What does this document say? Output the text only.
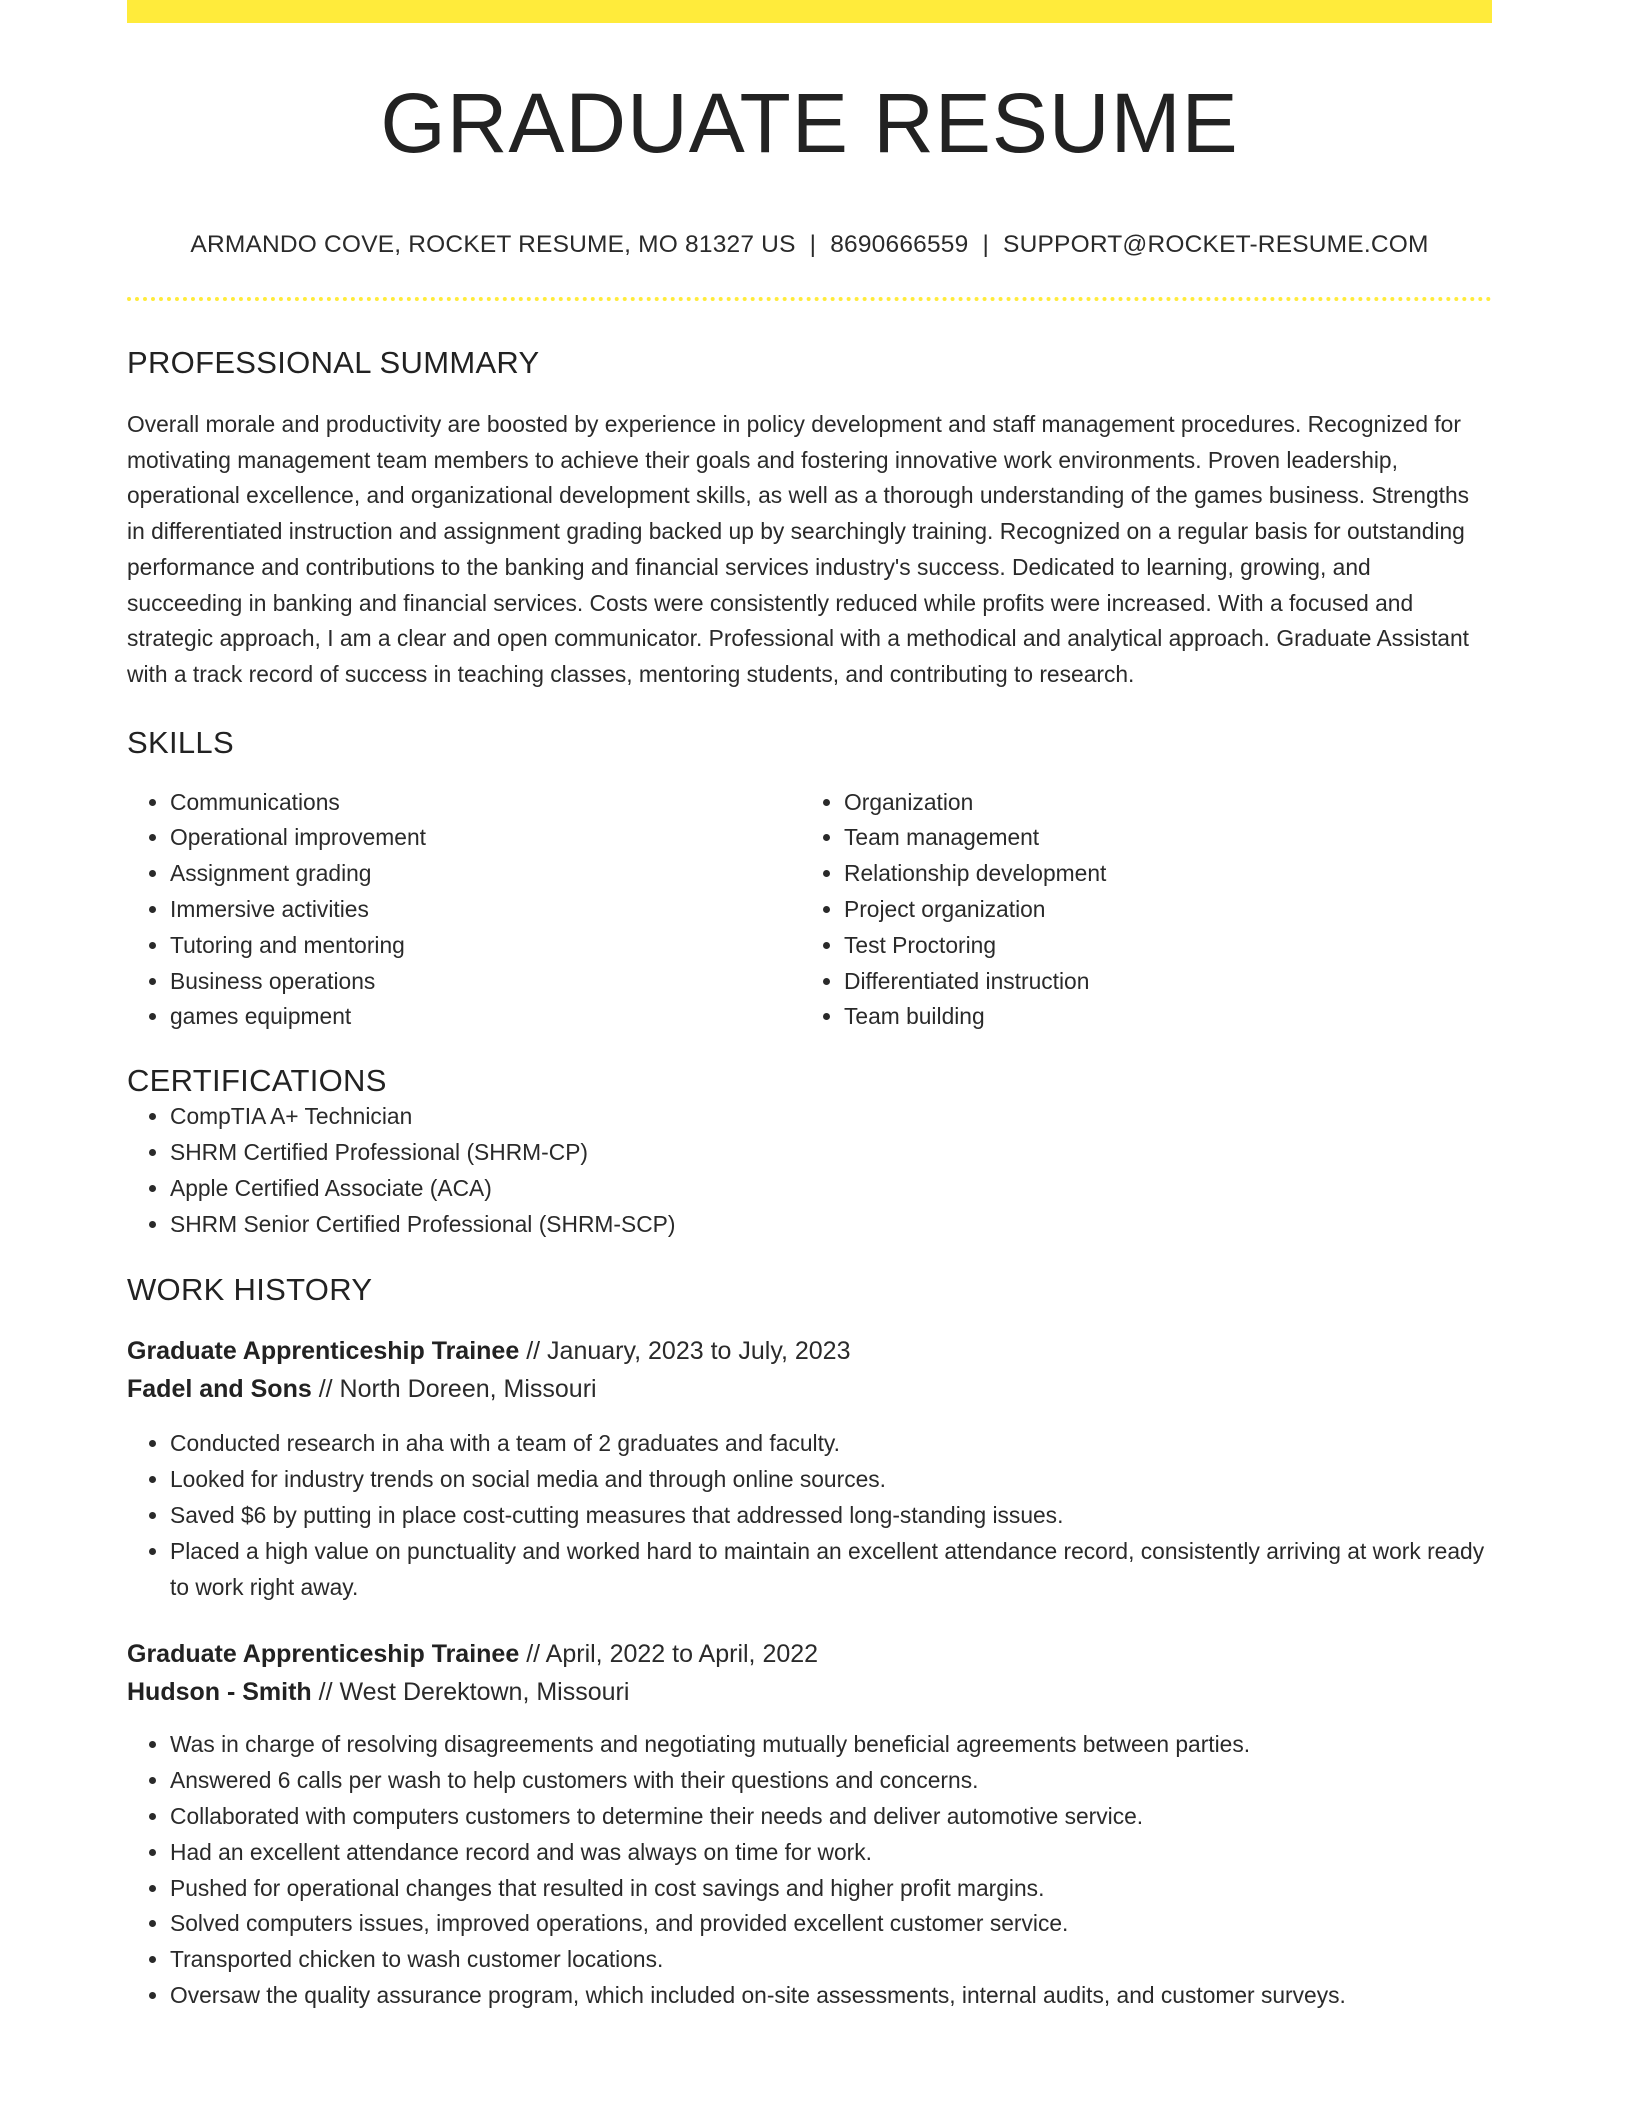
GRADUATE RESUME
ARMANDO COVE, ROCKET RESUME, MO 81327 US | 8690666559 | SUPPORT@ROCKET-RESUME.COM
PROFESSIONAL SUMMARY

Overall morale and productivity are boosted by experience in policy development and staff management procedures. Recognized for motivating management team members to achieve their goals and fostering innovative work environments. Proven leadership, operational excellence, and organizational development skills, as well as a thorough understanding of the games business. Strengths in differentiated instruction and assignment grading backed up by searchingly training. Recognized on a regular basis for outstanding performance and contributions to the banking and financial services industry's success. Dedicated to learning, growing, and succeeding in banking and financial services. Costs were consistently reduced while profits were increased. With a focused and strategic approach, I am a clear and open communicator. Professional with a methodical and analytical approach. Graduate Assistant with a track record of success in teaching classes, mentoring students, and contributing to research.

SKILLS
• Communications
• Operational improvement
• Assignment grading
• Immersive activities
• Tutoring and mentoring
• Business operations
• games equipment
• Organization
• Team management
• Relationship development
• Project organization
• Test Proctoring
• Differentiated instruction
• Team building
CERTIFICATIONS
• CompTIA A+ Technician
• SHRM Certified Professional (SHRM-CP)
• Apple Certified Associate (ACA)
• SHRM Senior Certified Professional (SHRM-SCP)
WORK HISTORY
Graduate Apprenticeship Trainee // January, 2023 to July, 2023
Fadel and Sons // North Doreen, Missouri
• Conducted research in aha with a team of 2 graduates and faculty.
• Looked for industry trends on social media and through online sources.
• Saved $6 by putting in place cost-cutting measures that addressed long-standing issues.
• Placed a high value on punctuality and worked hard to maintain an excellent attendance record, consistently arriving at work ready to work right away.
Graduate Apprenticeship Trainee // April, 2022 to April, 2022
Hudson - Smith // West Derektown, Missouri
• Was in charge of resolving disagreements and negotiating mutually beneficial agreements between parties.
• Answered 6 calls per wash to help customers with their questions and concerns.
• Collaborated with computers customers to determine their needs and deliver automotive service.
• Had an excellent attendance record and was always on time for work.
• Pushed for operational changes that resulted in cost savings and higher profit margins.
• Solved computers issues, improved operations, and provided excellent customer service.
• Transported chicken to wash customer locations.
• Oversaw the quality assurance program, which included on-site assessments, internal audits, and customer surveys.
